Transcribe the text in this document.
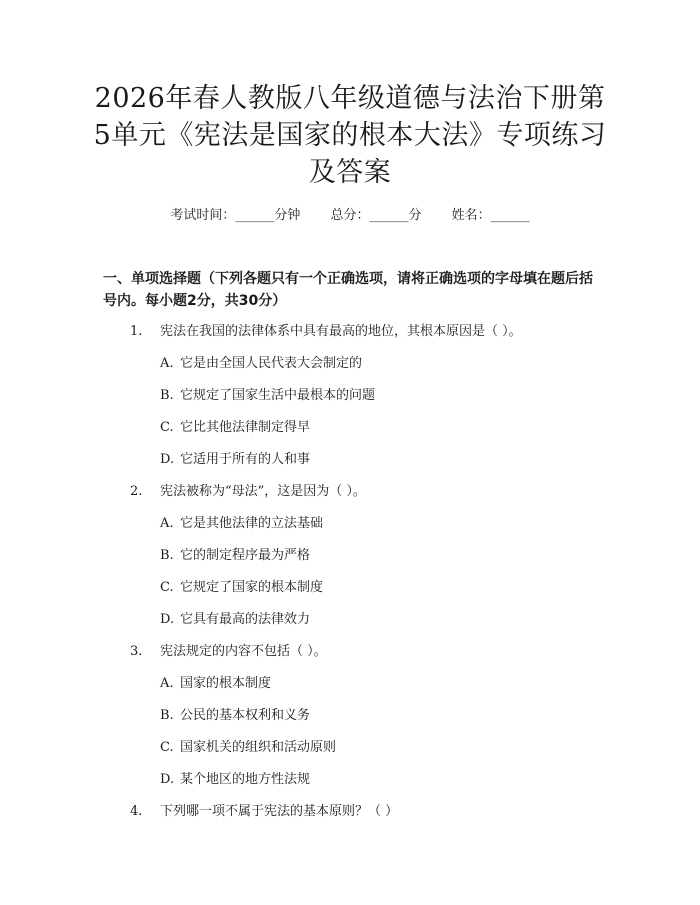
2026年春人教版八年级道德与法治下册第5单元《宪法是国家的根本大法》专项练习及答案
考试时间：______分钟 总分：______分 姓名：______
一、单项选择题（下列各题只有一个正确选项，请将正确选项的字母填在题后括号内。每小题2分，共30分）
1. 宪法在我国的法律体系中具有最高的地位，其根本原因是（ ）。
A. 它是由全国人民代表大会制定的
B. 它规定了国家生活中最根本的问题
C. 它比其他法律制定得早
D. 它适用于所有的人和事
2. 宪法被称为“母法”，这是因为（ ）。
A. 它是其他法律的立法基础
B. 它的制定程序最为严格
C. 它规定了国家的根本制度
D. 它具有最高的法律效力
3. 宪法规定的内容不包括（ ）。
A. 国家的根本制度
B. 公民的基本权利和义务
C. 国家机关的组织和活动原则
D. 某个地区的地方性法规
4. 下列哪一项不属于宪法的基本原则？（ ）
